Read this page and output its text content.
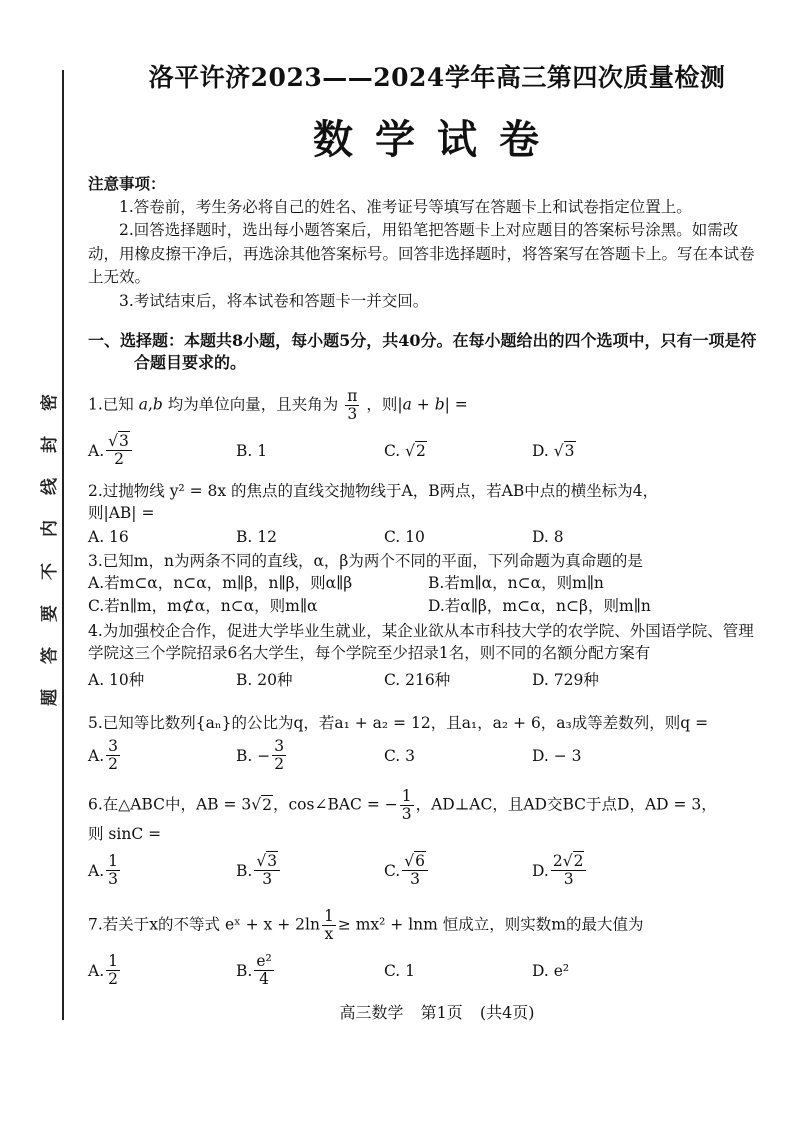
密
封
线
内
不
要
答
题
洛平许济2023——2024学年高三第四次质量检测
数学试卷
注意事项：
1.答卷前，考生务必将自己的姓名、准考证号等填写在答题卡上和试卷指定位置上。
2.回答选择题时，选出每小题答案后，用铅笔把答题卡上对应题目的答案标号涂黑。如需改动，用橡皮擦干净后，再选涂其他答案标号。回答非选择题时，将答案写在答题卡上。写在本试卷上无效。
3.考试结束后，将本试卷和答题卡一并交回。
一、选择题：本题共8小题，每小题5分，共40分。在每小题给出的四个选项中，只有一项是符
合题目要求的。
1.已知 a,b 均为单位向量，且夹角为 $\frac{\pi}{3}$ ，则|a + b| =
A. $\frac{√3}{2}$	B. 1	C. √ 2	D. √ 3
2.过抛物线 y² = 8x 的焦点的直线交抛物线于A，B两点，若AB中点的横坐标为4，
则|AB| =
A. 16	B. 12	C. 10	D. 8
3.已知m，n为两条不同的直线，α，β为两个不同的平面，下列命题为真命题的是
A.若m⊂α，n⊂α，m∥β，n∥β，则α∥β	B.若m∥α，n⊂α，则m∥n
C.若n∥m，m⊄α，n⊂α，则m∥α	D.若α∥β，m⊂α，n⊂β，则m∥n
4.为加强校企合作，促进大学毕业生就业，某企业欲从本市科技大学的农学院、外国语学院、管理学院这三个学院招录6名大学生，每个学院至少招录1名，则不同的名额分配方案有
A. 10种	B. 20种	C. 216种	D. 729种
5.已知等比数列{aₙ}的公比为q，若a₁ + a₂ = 12，且a₁，a₂ + 6，a₃成等差数列，则q =
A. $\frac{3}{2}$	B. − $\frac{3}{2}$	C. 3	D. − 3
6.在△ABC中，AB = 3√2，cos∠BAC = − $\frac{1}{3}$ ，AD⊥AC，且AD交BC于点D，AD = 3，
则 sinC =
A. $\frac{1}{3}$	B. $\frac{√3}{3}$	C. $\frac{√6}{3}$	D. $\frac{2√2}{3}$
7.若关于x的不等式 eˣ + $x + 2\ln \frac{1}{x} \ge mx^2 + \ln m$ 恒成立，则实数m的最大值为
A. $\frac{1}{2}$	B. $\frac{\text{e²}}{4}$	C. 1	D. e²
高三数学 第1页 (共4页)
